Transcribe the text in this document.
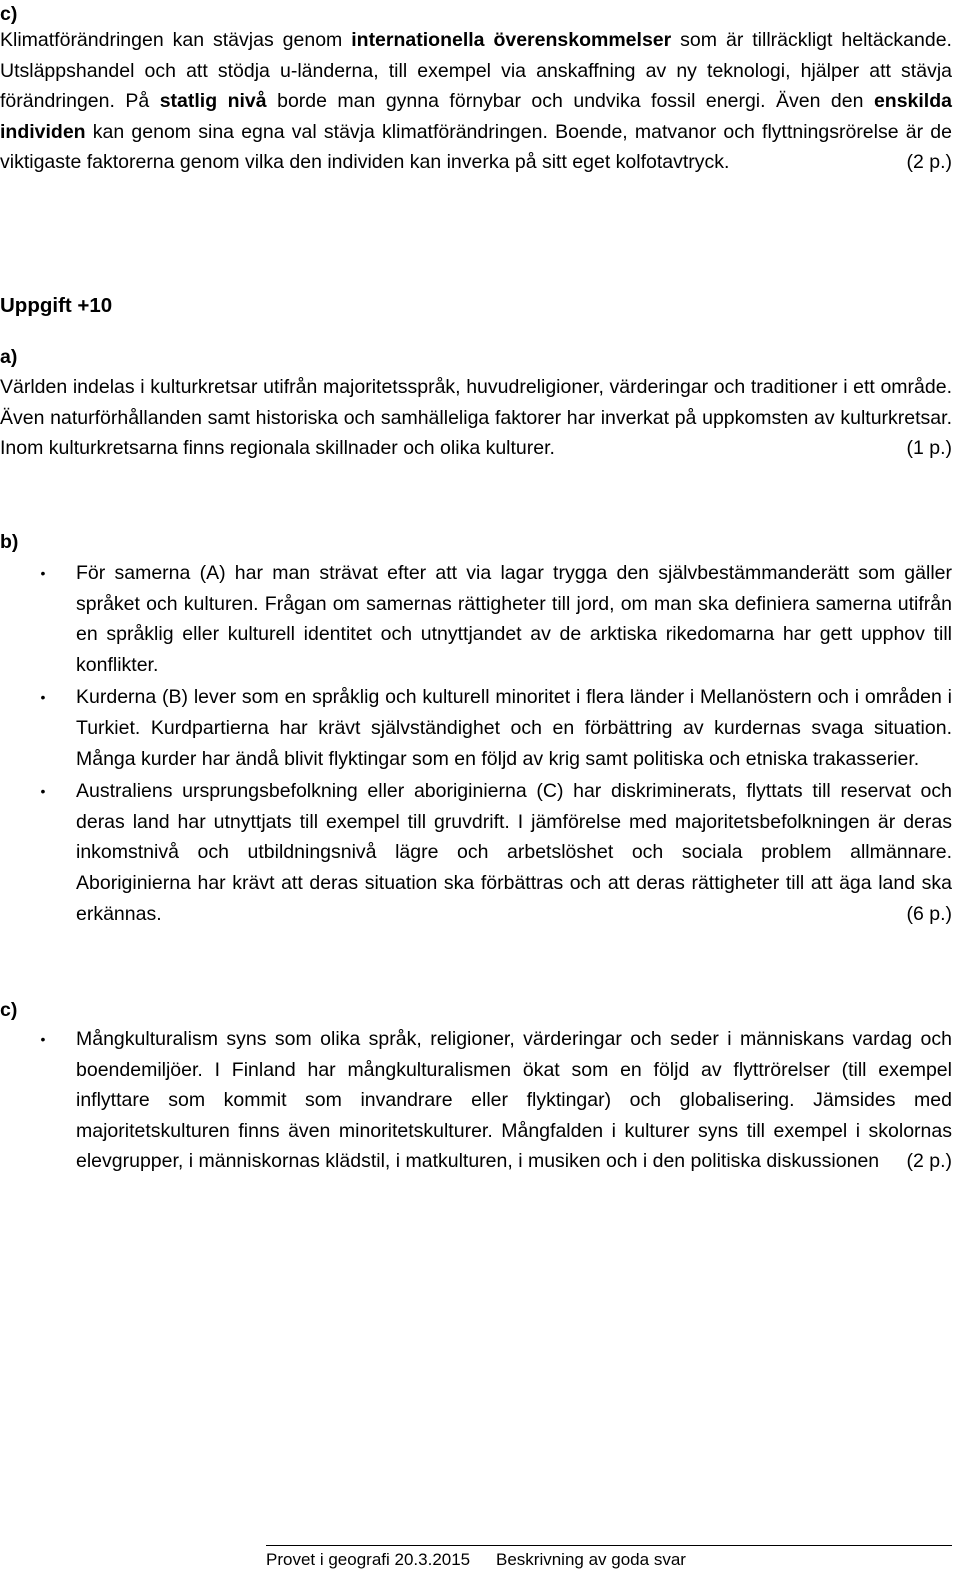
c)

Klimatförändringen kan stävjas genom internationella överenskommelser som är tillräckligt heltäckande. Utsläppshandel och att stödja u-länderna, till exempel via anskaffning av ny teknologi, hjälper att stävja förändringen. På statlig nivå borde man gynna förnybar och undvika fossil energi. Även den enskilda individen kan genom sina egna val stävja klimatförändringen. Boende, matvanor och flyttningsrörelse är de viktigaste faktorerna genom vilka den individen kan inverka på sitt eget kolfotavtryck.	(2 p.)

Uppgift +10
a)

Världen indelas i kulturkretsar utifrån majoritetsspråk, huvudreligioner, värderingar och traditioner i ett område. Även naturförhållanden samt historiska och samhälleliga faktorer har inverkat på uppkomsten av kulturkretsar. Inom kulturkretsarna finns regionala skillnader och olika kulturer.	(1 p.)

b)
• För samerna (A) har man strävat efter att via lagar trygga den självbestämmanderätt som gäller språket och kulturen. Frågan om samernas rättigheter till jord, om man ska definiera samerna utifrån en språklig eller kulturell identitet och utnyttjandet av de arktiska rikedomarna har gett upphov till konflikter.
• Kurderna (B) lever som en språklig och kulturell minoritet i flera länder i Mellanöstern och i områden i Turkiet. Kurdpartierna har krävt självständighet och en förbättring av kurdernas svaga situation. Många kurder har ändå blivit flyktingar som en följd av krig samt politiska och etniska trakasserier.
• Australiens ursprungsbefolkning eller aboriginierna (C) har diskriminerats, flyttats till reservat och deras land har utnyttjats till exempel till gruvdrift. I jämförelse med majoritetsbefolkningen är deras inkomstnivå och utbildningsnivå lägre och arbetslöshet och sociala problem allmännare. Aboriginierna har krävt att deras situation ska förbättras och att deras rättigheter till att äga land ska erkännas.	(6 p.)
c)
• Mångkulturalism syns som olika språk, religioner, värderingar och seder i människans vardag och boendemiljöer. I Finland har mångkulturalismen ökat som en följd av flyttrörelser (till exempel inflyttare som kommit som invandrare eller flyktingar) och globalisering. Jämsides med majoritetskulturen finns även minoritetskulturer. Mångfalden i kulturer syns till exempel i skolornas elevgrupper, i människornas klädstil, i matkulturen, i musiken och i den politiska diskussionen (2 p.)
Provet i geografi 20.3.2015 Beskrivning av goda svar
